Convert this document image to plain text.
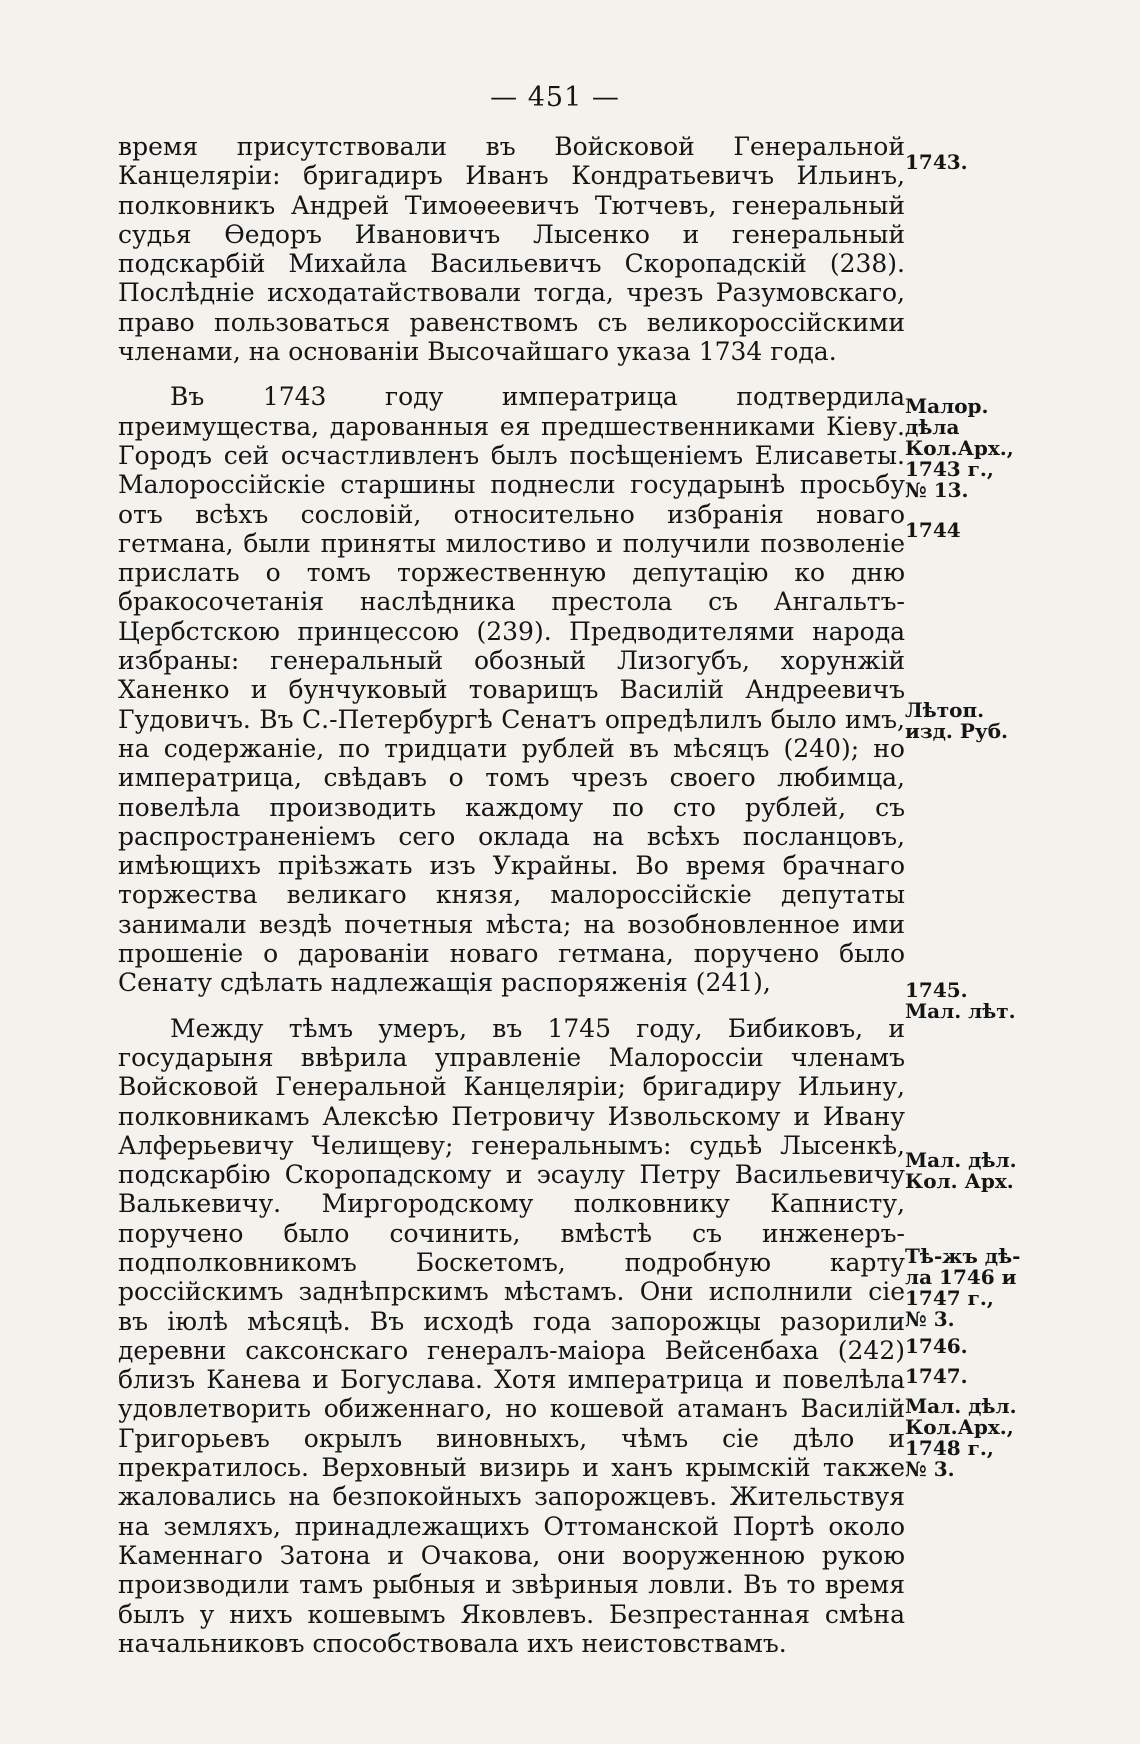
— 451 —

время присутствовали въ Войсковой Генеральной Канцеляріи: бригадиръ Иванъ Кондратьевичъ Ильинъ, полковникъ Андрей Тимоѳеевичъ Тютчевъ, генеральный судья Ѳедоръ Ивановичъ Лысенко и генеральный подскарбій Михайла Васильевичъ Скоропадскій (238). Послѣдніе исходатайствовали тогда, чрезъ Разумовскаго, право пользоваться равенствомъ съ великороссійскими членами, на основаніи Высочайшаго указа 1734 года.

Въ 1743 году императрица подтвердила преимущества, дарованныя ея предшественниками Кіеву. Городъ сей осчастливленъ былъ посѣщеніемъ Елисаветы. Малороссійскіе старшины поднесли государынѣ просьбу отъ всѣхъ сословій, относительно избранія новаго гетмана, были приняты милостиво и получили позволеніе прислать о томъ торжественную депутацію ко дню бракосочетанія наслѣдника престола съ Ангальтъ-Цербстскою принцессою (239). Предводителями народа избраны: генеральный обозный Лизогубъ, хорунжій Ханенко и бунчуковый товарищъ Василій Андреевичъ Гудовичъ. Въ С.-Петербургѣ Сенатъ опредѣлилъ было имъ, на содержаніе, по тридцати рублей въ мѣсяцъ (240); но императрица, свѣдавъ о томъ чрезъ своего любимца, повелѣла производить каждому по сто рублей, съ распространеніемъ сего оклада на всѣхъ посланцовъ, имѣющихъ пріѣзжать изъ Украйны. Во время брачнаго торжества великаго князя, малороссійскіе депутаты занимали вездѣ почетныя мѣста; на возобновленное ими прошеніе о дарованіи новаго гетмана, поручено было Сенату сдѣлать надлежащія распоряженія (241),

Между тѣмъ умеръ, въ 1745 году, Бибиковъ, и государыня ввѣрила управленіе Малороссіи членамъ Войсковой Генеральной Канцеляріи; бригадиру Ильину, полковникамъ Алексѣю Петровичу Извольскому и Ивану Алферьевичу Челищеву; генеральнымъ: судьѣ Лысенкѣ, подскарбію Скоропадскому и эсаулу Петру Васильевичу Валькевичу. Миргородскому полковнику Капнисту, поручено было сочинить, вмѣстѣ съ инженеръ-подполковникомъ Боскетомъ, подробную карту россійскимъ заднѣпрскимъ мѣстамъ. Они исполнили сіе въ іюлѣ мѣсяцѣ. Въ исходѣ года запорожцы разорили деревни саксонскаго генералъ-маіора Вейсенбаха (242) близъ Канева и Богуслава. Хотя императрица и повелѣла удовлетворить обиженнаго, но кошевой атаманъ Василій Григорьевъ окрылъ виновныхъ, чѣмъ сіе дѣло и прекратилось. Верховный визирь и ханъ крымскій также жаловались на безпокойныхъ запорожцевъ. Жительствуя на земляхъ, принадлежащихъ Оттоманской Портѣ около Каменнаго Затона и Очакова, они вооруженною рукою производили тамъ рыбныя и звѣриныя ловли. Въ то время былъ у нихъ кошевымъ Яковлевъ. Безпрестанная смѣна начальниковъ способствовала ихъ неистовствамъ.

1743.
Малор.
дѣла
Кол.Арх.,
1743 г.,
№ 13.
1744
Лѣтоп.
изд. Руб.
1745.
Мал. лѣт.
Мал. дѣл.
Кол. Арх.
Тѣ-жъ дѣ-
ла 1746 и
1747 г.,
№ 3.
1746.
1747.
Мал. дѣл.
Кол.Арх.,
1748 г.,
№ 3.
